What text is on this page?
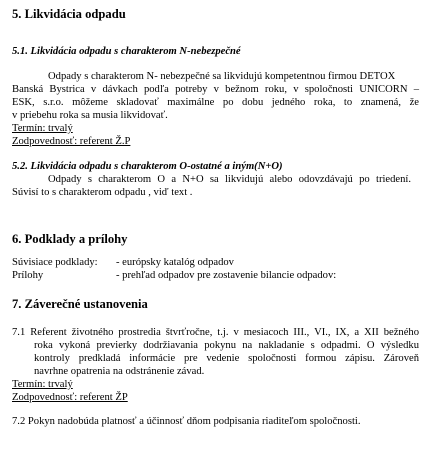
5. Likvidácia odpadu
5.1. Likvidácia odpadu s charakterom N-nebezpečné
Odpady s charakterom N- nebezpečné sa likvidujú kompetentnou firmou DETOX
Banská Bystrica v dávkach podľa potreby v bežnom roku, v spoločnosti UNICORN –
ESK, s.r.o. môžeme skladovať maximálne po dobu jedného roka, to znamená, že
v priebehu roka sa musia likvidovať.
Termín: trvalý
Zodpovednosť: referent Ž.P
5.2. Likvidácia odpadu s charakterom O-ostatné a iným(N+O)
Odpady s charakterom O a N+O sa likvidujú alebo odovzdávajú po triedení.
Súvisí to s charakterom odpadu , viď text .
6. Podklady a prílohy
Súvisiace podklady: - európsky katalóg odpadov
Prílohy	- prehľad odpadov pre zostavenie bilancie odpadov:
7. Záverečné ustanovenia
7.1 Referent životného prostredia štvrťročne, t.j. v mesiacoch III., VI., IX, a XII bežného
roka vykoná previerky dodržiavania pokynu na nakladanie s odpadmi. O výsledku
kontroly predkladá informácie pre vedenie spoločnosti formou zápisu. Zároveň
navrhne opatrenia na odstránenie závad.
Termín: trvalý
Zodpovednosť: referent ŽP
7.2 Pokyn nadobúda platnosť a účinnosť dňom podpisania riaditeľom spoločnosti.
